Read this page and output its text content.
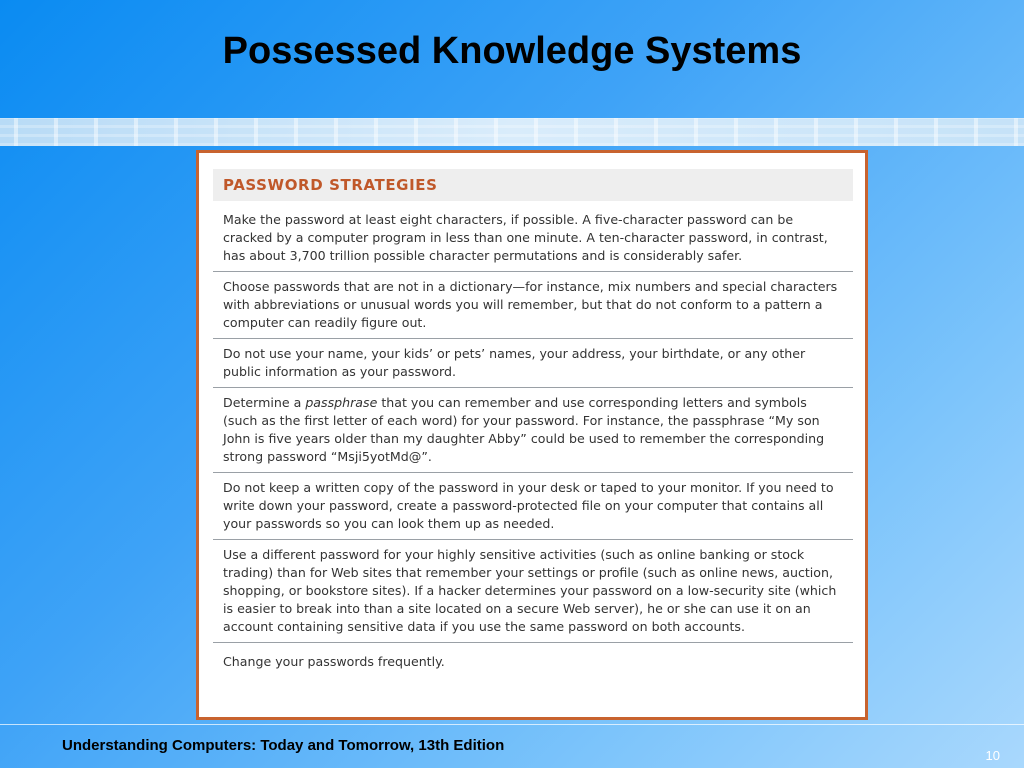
Possessed Knowledge Systems
PASSWORD STRATEGIES
Make the password at least eight characters, if possible. A five-character password can be cracked by a computer program in less than one minute. A ten-character password, in contrast, has about 3,700 trillion possible character permutations and is considerably safer.
Choose passwords that are not in a dictionary—for instance, mix numbers and special characters with abbreviations or unusual words you will remember, but that do not conform to a pattern a computer can readily figure out.
Do not use your name, your kids’ or pets’ names, your address, your birthdate, or any other public information as your password.
Determine a passphrase that you can remember and use corresponding letters and symbols (such as the first letter of each word) for your password. For instance, the passphrase “My son John is five years older than my daughter Abby” could be used to remember the corresponding strong password “Msji5yotMd@”.
Do not keep a written copy of the password in your desk or taped to your monitor. If you need to write down your password, create a password-protected file on your computer that contains all your passwords so you can look them up as needed.
Use a different password for your highly sensitive activities (such as online banking or stock trading) than for Web sites that remember your settings or profile (such as online news, auction, shopping, or bookstore sites). If a hacker determines your password on a low-security site (which is easier to break into than a site located on a secure Web server), he or she can use it on an account containing sensitive data if you use the same password on both accounts.
Change your passwords frequently.
Understanding Computers: Today and Tomorrow, 13th Edition
10
